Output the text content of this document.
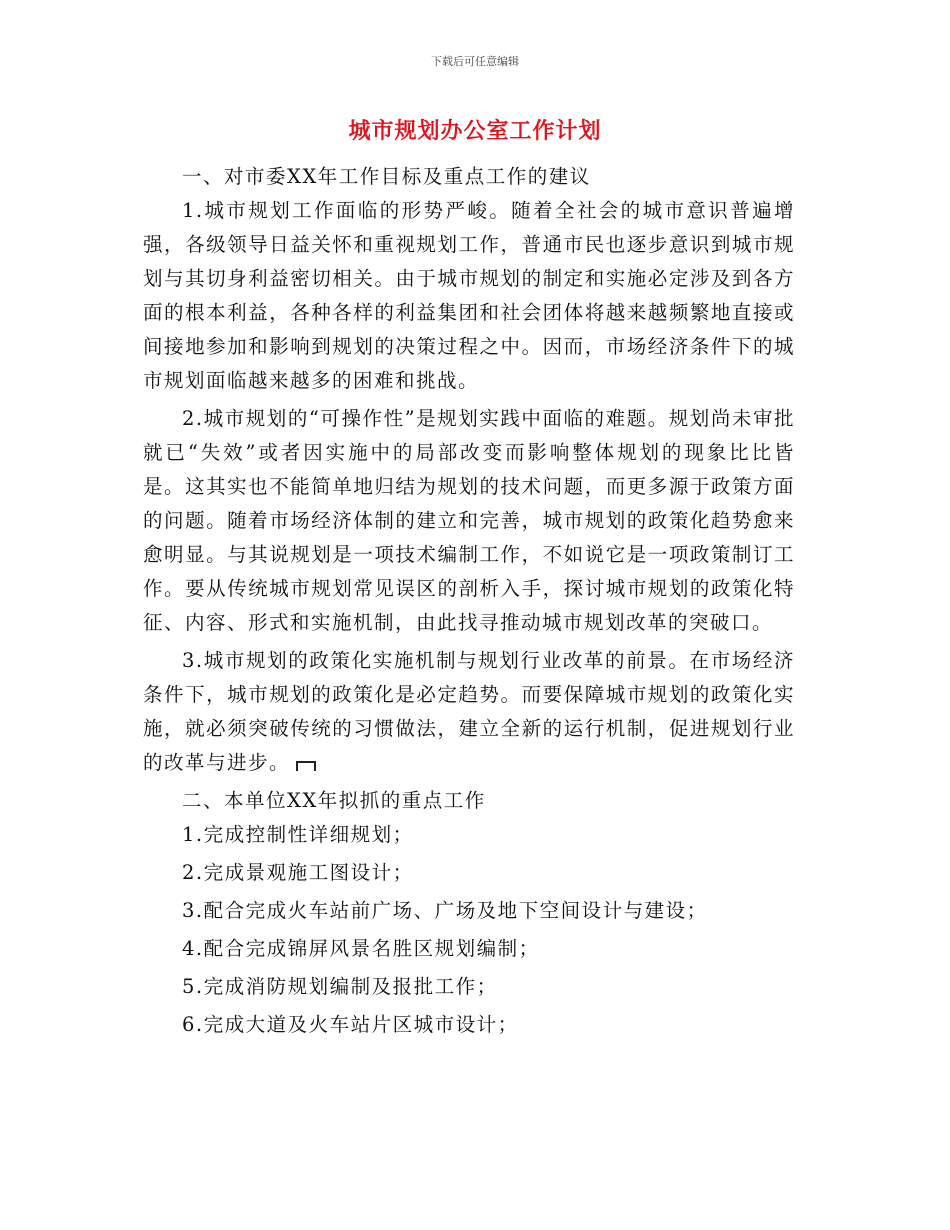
下载后可任意编辑
城市规划办公室工作计划

一、对市委XX年工作目标及重点工作的建议

1.城市规划工作面临的形势严峻。随着全社会的城市意识普遍增强，各级领导日益关怀和重视规划工作，普通市民也逐步意识到城市规划与其切身利益密切相关。由于城市规划的制定和实施必定涉及到各方面的根本利益，各种各样的利益集团和社会团体将越来越频繁地直接或间接地参加和影响到规划的决策过程之中。因而，市场经济条件下的城市规划面临越来越多的困难和挑战。

2.城市规划的“可操作性”是规划实践中面临的难题。规划尚未审批就已“失效”或者因实施中的局部改变而影响整体规划的现象比比皆是。这其实也不能简单地归结为规划的技术问题，而更多源于政策方面的问题。随着市场经济体制的建立和完善，城市规划的政策化趋势愈来愈明显。与其说规划是一项技术编制工作，不如说它是一项政策制订工作。要从传统城市规划常见误区的剖析入手，探讨城市规划的政策化特征、内容、形式和实施机制，由此找寻推动城市规划改革的突破口。

3.城市规划的政策化实施机制与规划行业改革的前景。在市场经济条件下，城市规划的政策化是必定趋势。而要保障城市规划的政策化实施，就必须突破传统的习惯做法，建立全新的运行机制，促进规划行业的改革与进步。

二、本单位XX年拟抓的重点工作

1.完成控制性详细规划；

2.完成景观施工图设计；

3.配合完成火车站前广场、广场及地下空间设计与建设；

4.配合完成锦屏风景名胜区规划编制；

5.完成消防规划编制及报批工作；

6.完成大道及火车站片区城市设计；
